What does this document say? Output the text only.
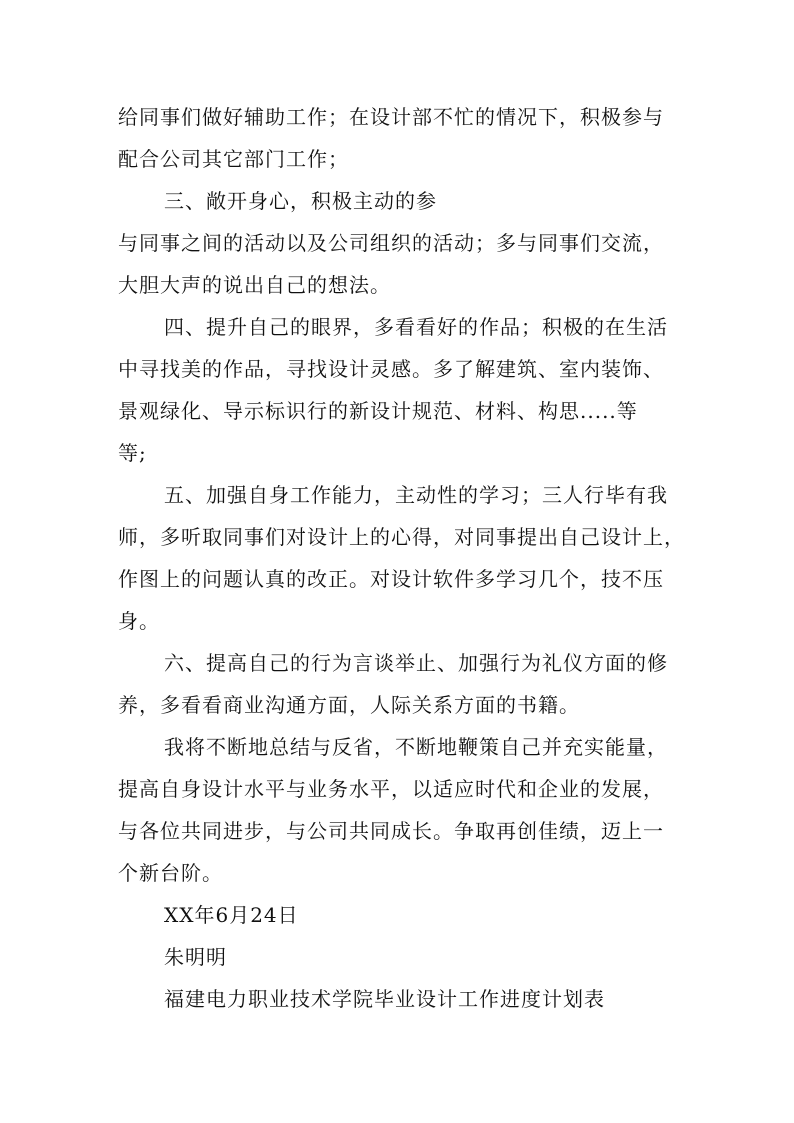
给同事们做好辅助工作；在设计部不忙的情况下，积极参与
配合公司其它部门工作；
三、敞开身心，积极主动的参
与同事之间的活动以及公司组织的活动；多与同事们交流，
大胆大声的说出自己的想法。
四、提升自己的眼界，多看看好的作品；积极的在生活
中寻找美的作品，寻找设计灵感。多了解建筑、室内装饰、
景观绿化、导示标识行的新设计规范、材料、构思.....等
等;
五、加强自身工作能力，主动性的学习；三人行毕有我
师，多听取同事们对设计上的心得，对同事提出自己设计上，
作图上的问题认真的改正。对设计软件多学习几个，技不压
身。
六、提高自己的行为言谈举止、加强行为礼仪方面的修
养，多看看商业沟通方面，人际关系方面的书籍。
我将不断地总结与反省，不断地鞭策自己并充实能量，
提高自身设计水平与业务水平，以适应时代和企业的发展，
与各位共同进步，与公司共同成长。争取再创佳绩，迈上一
个新台阶。
XX年6月24日
朱明明
福建电力职业技术学院毕业设计工作进度计划表
